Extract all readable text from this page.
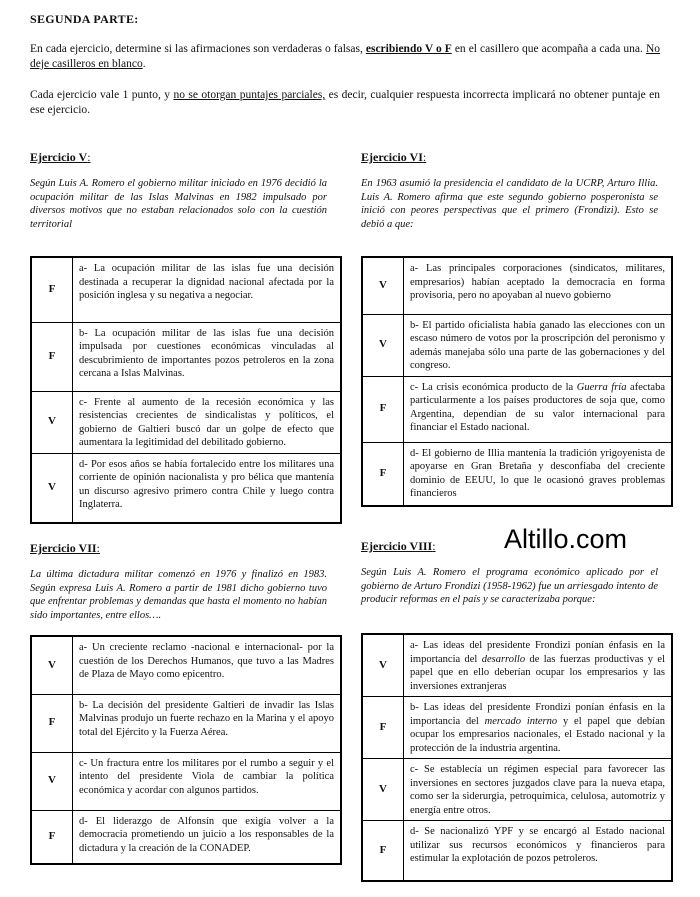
SEGUNDA PARTE:
En cada ejercicio, determine si las afirmaciones son verdaderas o falsas, escribiendo V o F en el casillero que acompaña a cada una. No deje casilleros en blanco.
Cada ejercicio vale 1 punto, y no se otorgan puntajes parciales, es decir, cualquier respuesta incorrecta implicará no obtener puntaje en ese ejercicio.
Ejercicio V:
Según Luis A. Romero el gobierno militar iniciado en 1976 decidió la ocupación militar de las Islas Malvinas en 1982 impulsado por diversos motivos que no estaban relacionados solo con la cuestión territorial
F	a- La ocupación militar de las islas fue una decisión destinada a recuperar la dignidad nacional afectada por la posición inglesa y su negativa a negociar.
F	b- La ocupación militar de las islas fue una decisión impulsada por cuestiones económicas vinculadas al descubrimiento de importantes pozos petroleros en la zona cercana a Islas Malvinas.
V	c- Frente al aumento de la recesión económica y las resistencias crecientes de sindicalistas y políticos, el gobierno de Galtieri buscó dar un golpe de efecto que aumentara la legitimidad del debilitado gobierno.
V	d- Por esos años se había fortalecido entre los militares una corriente de opinión nacionalista y pro bélica que mantenía un discurso agresivo primero contra Chile y luego contra Inglaterra.
Ejercicio VI:
En 1963 asumió la presidencia el candidato de la UCRP, Arturo Illia. Luis A. Romero afirma que este segundo gobierno posperonista se inició con peores perspectivas que el primero (Frondizi). Esto se debió a que:
V	a- Las principales corporaciones (sindicatos, militares, empresarios) habían aceptado la democracia en forma provisoria, pero no apoyaban al nuevo gobierno
V	b- El partido oficialista había ganado las elecciones con un escaso número de votos por la proscripción del peronismo y además manejaba sólo una parte de las gobernaciones y del congreso.
F	c- La crisis económica producto de la Guerra fría afectaba particularmente a los países productores de soja que, como Argentina, dependían de su valor internacional para financiar el Estado nacional.
F	d- El gobierno de Illia mantenía la tradición yrigoyenista de apoyarse en Gran Bretaña y desconfiaba del creciente dominio de EEUU, lo que le ocasionó graves problemas financieros
Ejercicio VII:
La última dictadura militar comenzó en 1976 y finalizó en 1983. Según expresa Luis A. Romero a partir de 1981 dicho gobierno tuvo que enfrentar problemas y demandas que hasta el momento no habían sido importantes, entre ellos….
V	a- Un creciente reclamo -nacional e internacional- por la cuestión de los Derechos Humanos, que tuvo a las Madres de Plaza de Mayo como epicentro.
F	b- La decisión del presidente Galtieri de invadir las Islas Malvinas produjo un fuerte rechazo en la Marina y el apoyo total del Ejército y la Fuerza Aérea.
V	c- Un fractura entre los militares por el rumbo a seguir y el intento del presidente Viola de cambiar la política económica y acordar con algunos partidos.
F	d- El liderazgo de Alfonsín que exigía volver a la democracia prometiendo un juicio a los responsables de la dictadura y la creación de la CONADEP.
Altillo.com
Ejercicio VIII:
Según Luis A. Romero el programa económico aplicado por el gobierno de Arturo Frondizi (1958-1962) fue un arriesgado intento de producir reformas en el país y se caracterizaba porque:
V	a- Las ideas del presidente Frondizi ponían énfasis en la importancia del desarrollo de las fuerzas productivas y el papel que en ello deberían ocupar los empresarios y las inversiones extranjeras
F	b- Las ideas del presidente Frondizi ponían énfasis en la importancia del mercado interno y el papel que debían ocupar los empresarios nacionales, el Estado nacional y la protección de la industria argentina.
V	c- Se establecía un régimen especial para favorecer las inversiones en sectores juzgados clave para la nueva etapa, como ser la siderurgia, petroquímica, celulosa, automotriz y energía entre otros.
F	d- Se nacionalizó YPF y se encargó al Estado nacional utilizar sus recursos económicos y financieros para estimular la explotación de pozos petroleros.
